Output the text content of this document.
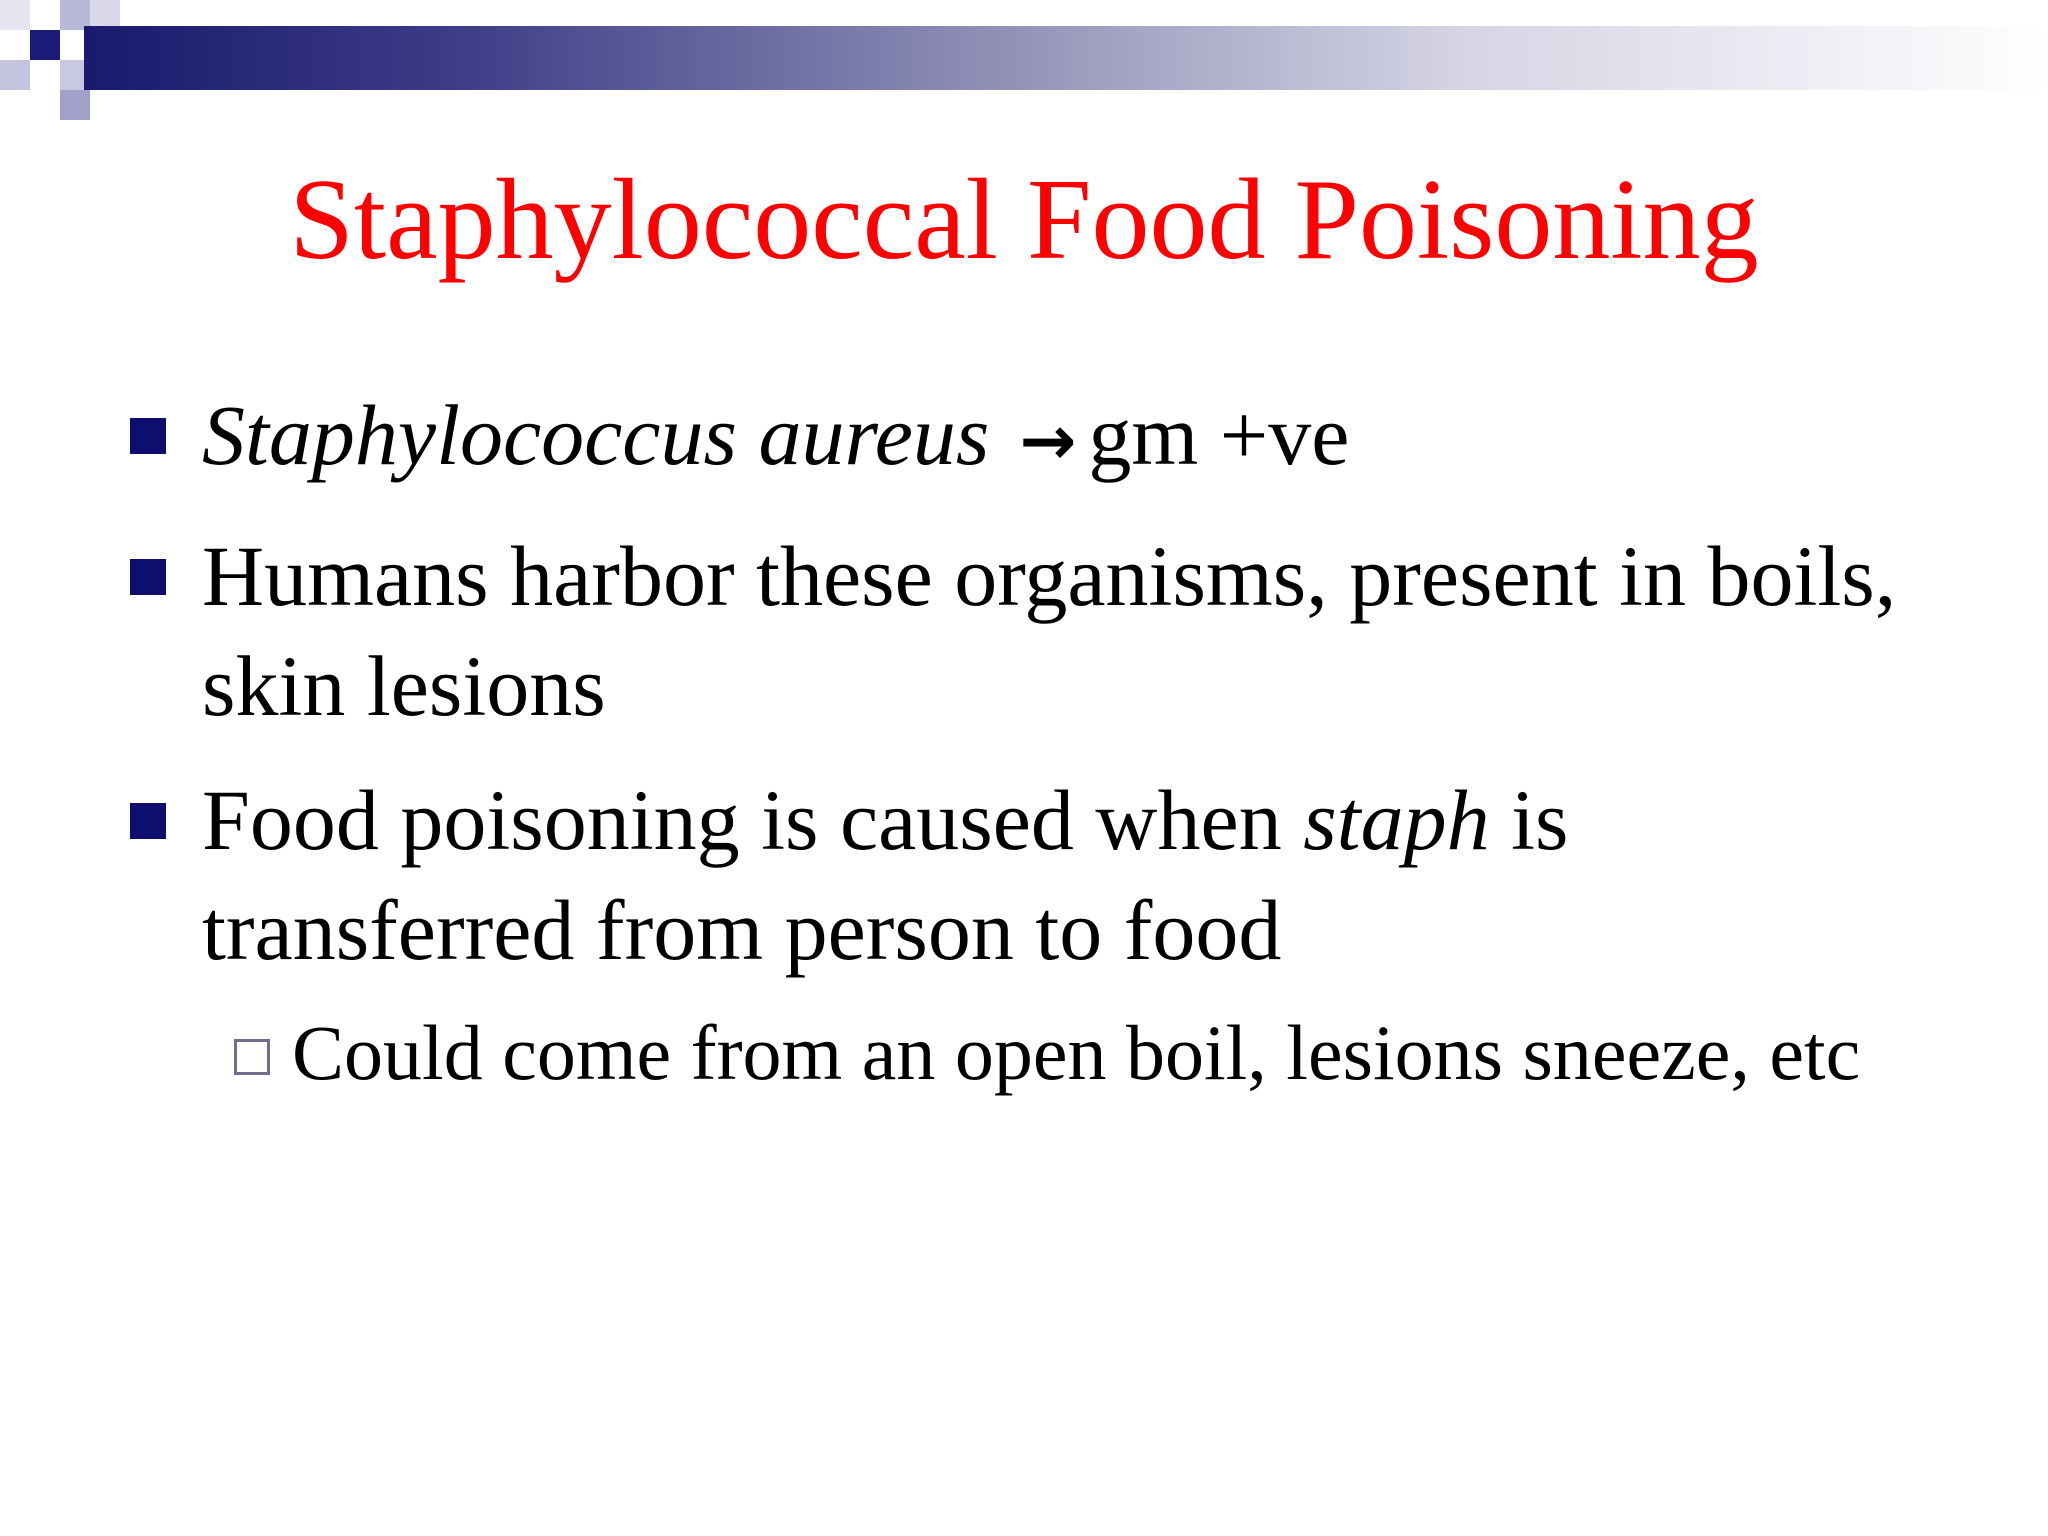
Staphylococcal Food Poisoning
Staphylococcus aureus → gm +ve
Humans harbor these organisms, present in boils, skin lesions
Food poisoning is caused when staph is transferred from person to food
Could come from an open boil, lesions sneeze, etc
